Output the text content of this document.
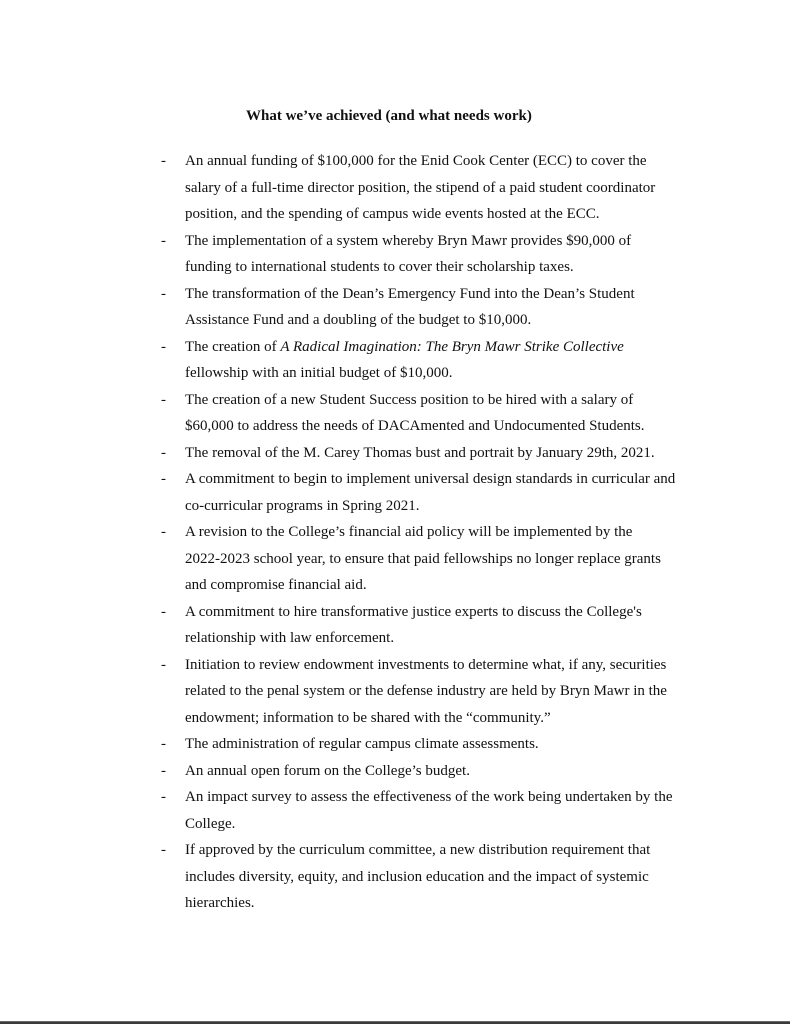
What we’ve achieved (and what needs work)
- An annual funding of $100,000 for the Enid Cook Center (ECC) to cover the
salary of a full-time director position, the stipend of a paid student coordinator
position, and the spending of campus wide events hosted at the ECC.
- The implementation of a system whereby Bryn Mawr provides $90,000 of
funding to international students to cover their scholarship taxes.
- The transformation of the Dean’s Emergency Fund into the Dean’s Student
Assistance Fund and a doubling of the budget to $10,000.
- The creation of A Radical Imagination: The Bryn Mawr Strike Collective
fellowship with an initial budget of $10,000.
- The creation of a new Student Success position to be hired with a salary of
$60,000 to address the needs of DACAmented and Undocumented Students.
- The removal of the M. Carey Thomas bust and portrait by January 29th, 2021.
- A commitment to begin to implement universal design standards in curricular and
co-curricular programs in Spring 2021.
- A revision to the College’s financial aid policy will be implemented by the
2022-2023 school year, to ensure that paid fellowships no longer replace grants
and compromise financial aid.
- A commitment to hire transformative justice experts to discuss the College's
relationship with law enforcement.
- Initiation to review endowment investments to determine what, if any, securities
related to the penal system or the defense industry are held by Bryn Mawr in the
endowment; information to be shared with the “community.”
- The administration of regular campus climate assessments.
- An annual open forum on the College’s budget.
- An impact survey to assess the effectiveness of the work being undertaken by the
College.
- If approved by the curriculum committee, a new distribution requirement that
includes diversity, equity, and inclusion education and the impact of systemic
hierarchies.
